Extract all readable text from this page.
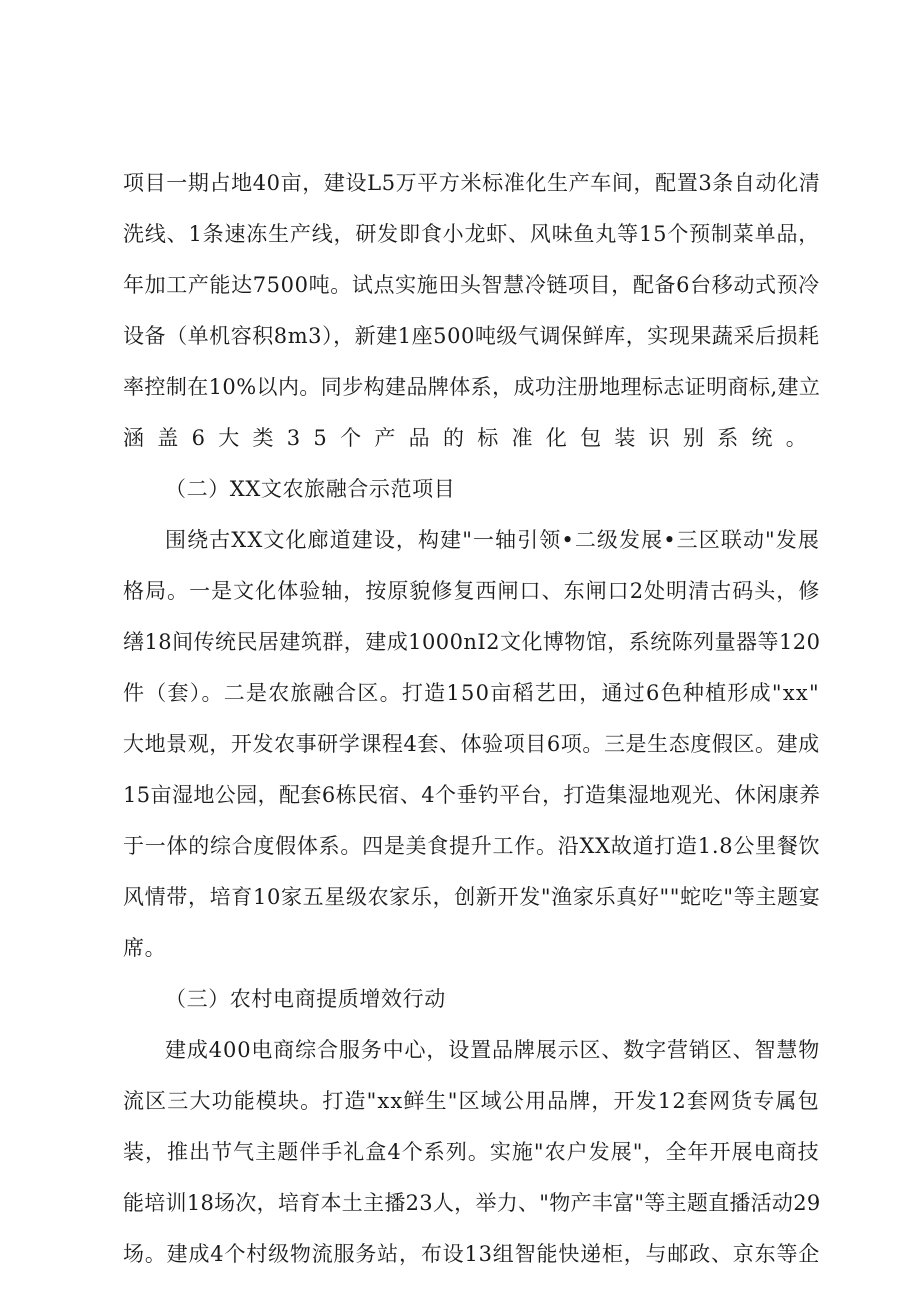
项目一期占地40亩，建设L5万平方米标准化生产车间，配置3条自动化清
洗线、1条速冻生产线，研发即食小龙虾、风味鱼丸等15个预制菜单品，
年加工产能达7500吨。试点实施田头智慧冷链项目，配备6台移动式预冷
设备（单机容积8m3），新建1座500吨级气调保鲜库，实现果蔬采后损耗
率控制在10%以内。同步构建品牌体系，成功注册地理标志证明商标,建立
涵盖6大类35个产品的标准化包装识别系统。
（二）XX文农旅融合示范项目
围绕古XX文化廊道建设，构建"一轴引领•二级发展•三区联动"发展
格局。一是文化体验轴，按原貌修复西闸口、东闸口2处明清古码头，修
缮18间传统民居建筑群，建成1000nI2文化博物馆，系统陈列量器等120
件（套）。二是农旅融合区。打造150亩稻艺田，通过6色种植形成"xx"
大地景观，开发农事研学课程4套、体验项目6项。三是生态度假区。建成
15亩湿地公园，配套6栋民宿、4个垂钓平台，打造集湿地观光、休闲康养
于一体的综合度假体系。四是美食提升工作。沿XX故道打造1.8公里餐饮
风情带，培育10家五星级农家乐，创新开发"渔家乐真好""蛇吃"等主题宴
席。
（三）农村电商提质增效行动
建成400电商综合服务中心，设置品牌展示区、数字营销区、智慧物
流区三大功能模块。打造"xx鲜生"区域公用品牌，开发12套网货专属包
装，推出节气主题伴手礼盒4个系列。实施"农户发展"，全年开展电商技
能培训18场次，培育本土主播23人，举力、"物产丰富"等主题直播活动29
场。建成4个村级物流服务站，布设13组智能快递柜，与邮政、京东等企
